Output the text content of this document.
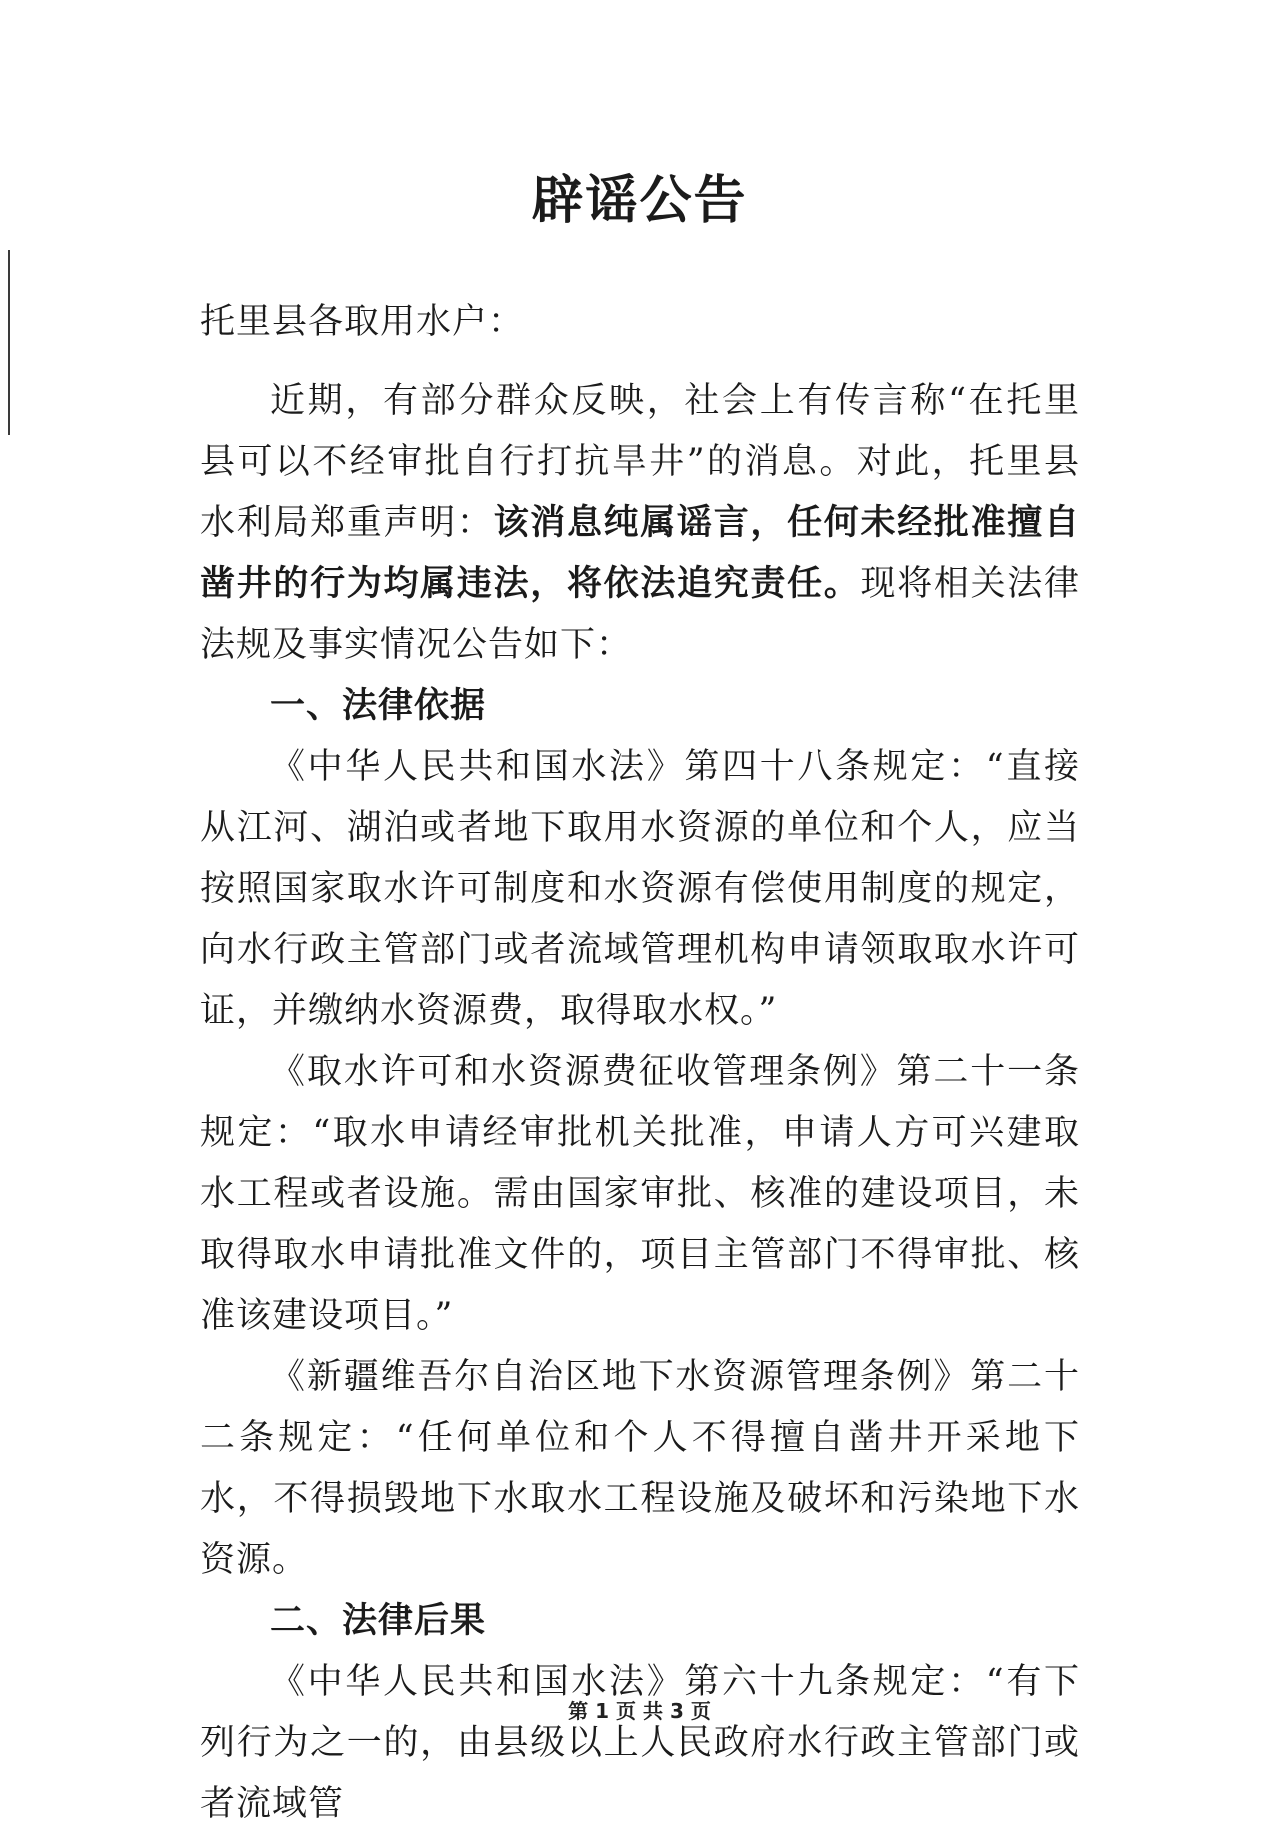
辟谣公告

托里县各取用水户：

近期，有部分群众反映，社会上有传言称“在托里县可以不经审批自行打抗旱井”的消息。对此，托里县水利局郑重声明：该消息纯属谣言，任何未经批准擅自凿井的行为均属违法，将依法追究责任。现将相关法律法规及事实情况公告如下：

一、法律依据

《中华人民共和国水法》第四十八条规定：“直接从江河、湖泊或者地下取用水资源的单位和个人，应当按照国家取水许可制度和水资源有偿使用制度的规定，向水行政主管部门或者流域管理机构申请领取取水许可证，并缴纳水资源费，取得取水权。”

《取水许可和水资源费征收管理条例》第二十一条规定：“取水申请经审批机关批准，申请人方可兴建取水工程或者设施。需由国家审批、核准的建设项目，未取得取水申请批准文件的，项目主管部门不得审批、核准该建设项目。”

《新疆维吾尔自治区地下水资源管理条例》第二十二条规定：“任何单位和个人不得擅自凿井开采地下水，不得损毁地下水取水工程设施及破坏和污染地下水资源。

二、法律后果

《中华人民共和国水法》第六十九条规定：“有下列行为之一的，由县级以上人民政府水行政主管部门或者流域管

第 1 页 共 3 页
